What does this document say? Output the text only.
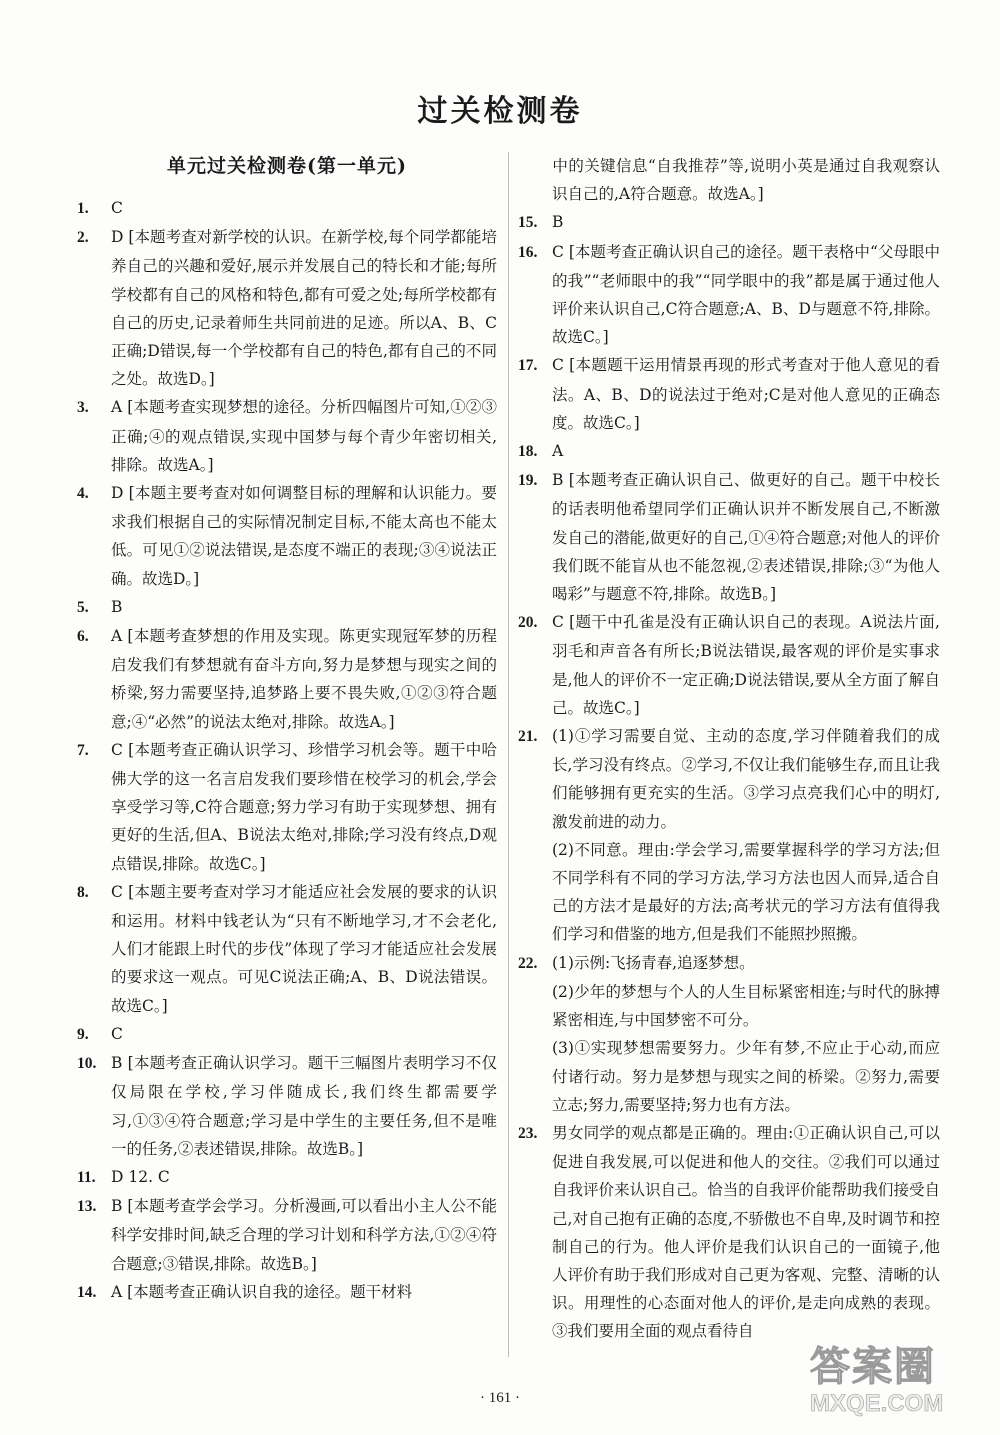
过关检测卷
单元过关检测卷(第一单元)

1. C

2. D [本题考查对新学校的认识。在新学校,每个同学都能培养自己的兴趣和爱好,展示并发展自己的特长和才能;每所学校都有自己的风格和特色,都有可爱之处;每所学校都有自己的历史,记录着师生共同前进的足迹。所以A、B、C正确;D错误,每一个学校都有自己的特色,都有自己的不同之处。故选D。]

3. A [本题考查实现梦想的途径。分析四幅图片可知,①②③正确;④的观点错误,实现中国梦与每个青少年密切相关,排除。故选A。]

4. D [本题主要考查对如何调整目标的理解和认识能力。要求我们根据自己的实际情况制定目标,不能太高也不能太低。可见①②说法错误,是态度不端正的表现;③④说法正确。故选D。]

5. B

6. A [本题考查梦想的作用及实现。陈更实现冠军梦的历程启发我们有梦想就有奋斗方向,努力是梦想与现实之间的桥梁,努力需要坚持,追梦路上要不畏失败,①②③符合题意;④“必然”的说法太绝对,排除。故选A。]

7. C [本题考查正确认识学习、珍惜学习机会等。题干中哈佛大学的这一名言启发我们要珍惜在校学习的机会,学会享受学习等,C符合题意;努力学习有助于实现梦想、拥有更好的生活,但A、B说法太绝对,排除;学习没有终点,D观点错误,排除。故选C。]

8. C [本题主要考查对学习才能适应社会发展的要求的认识和运用。材料中钱老认为“只有不断地学习,才不会老化,人们才能跟上时代的步伐”体现了学习才能适应社会发展的要求这一观点。可见C说法正确;A、B、D说法错误。故选C。]

9. C

10. B [本题考查正确认识学习。题干三幅图片表明学习不仅仅局限在学校,学习伴随成长,我们终生都需要学习,①③④符合题意;学习是中学生的主要任务,但不是唯一的任务,②表述错误,排除。故选B。]

11. D 12. C

13. B [本题考查学会学习。分析漫画,可以看出小主人公不能科学安排时间,缺乏合理的学习计划和科学方法,①②④符合题意;③错误,排除。故选B。]

14. A [本题考查正确认识自我的途径。题干材料

中的关键信息“自我推荐”等,说明小英是通过自我观察认识自己的,A符合题意。故选A。]

15. B

16. C [本题考查正确认识自己的途径。题干表格中“父母眼中的我”“老师眼中的我”“同学眼中的我”都是属于通过他人评价来认识自己,C符合题意;A、B、D与题意不符,排除。故选C。]

17. C [本题题干运用情景再现的形式考查对于他人意见的看法。A、B、D的说法过于绝对;C是对他人意见的正确态度。故选C。]

18. A

19. B [本题考查正确认识自己、做更好的自己。题干中校长的话表明他希望同学们正确认识并不断发展自己,不断激发自己的潜能,做更好的自己,①④符合题意;对他人的评价我们既不能盲从也不能忽视,②表述错误,排除;③“为他人喝彩”与题意不符,排除。故选B。]

20. C [题干中孔雀是没有正确认识自己的表现。A说法片面,羽毛和声音各有所长;B说法错误,最客观的评价是实事求是,他人的评价不一定正确;D说法错误,要从全方面了解自己。故选C。]

21. (1)①学习需要自觉、主动的态度,学习伴随着我们的成长,学习没有终点。②学习,不仅让我们能够生存,而且让我们能够拥有更充实的生活。③学习点亮我们心中的明灯,激发前进的动力。

(2)不同意。理由:学会学习,需要掌握科学的学习方法;但不同学科有不同的学习方法,学习方法也因人而异,适合自己的方法才是最好的方法;高考状元的学习方法有值得我们学习和借鉴的地方,但是我们不能照抄照搬。

22. (1)示例:飞扬青春,追逐梦想。

(2)少年的梦想与个人的人生目标紧密相连;与时代的脉搏紧密相连,与中国梦密不可分。

(3)①实现梦想需要努力。少年有梦,不应止于心动,而应付诸行动。努力是梦想与现实之间的桥梁。②努力,需要立志;努力,需要坚持;努力也有方法。

23. 男女同学的观点都是正确的。理由:①正确认识自己,可以促进自我发展,可以促进和他人的交往。②我们可以通过自我评价来认识自己。恰当的自我评价能帮助我们接受自己,对自己抱有正确的态度,不骄傲也不自卑,及时调节和控制自己的行为。他人评价是我们认识自己的一面镜子,他人评价有助于我们形成对自己更为客观、完整、清晰的认识。用理性的心态面对他人的评价,是走向成熟的表现。③我们要用全面的观点看待自

· 161 ·
答案圈
MXQE.COM
